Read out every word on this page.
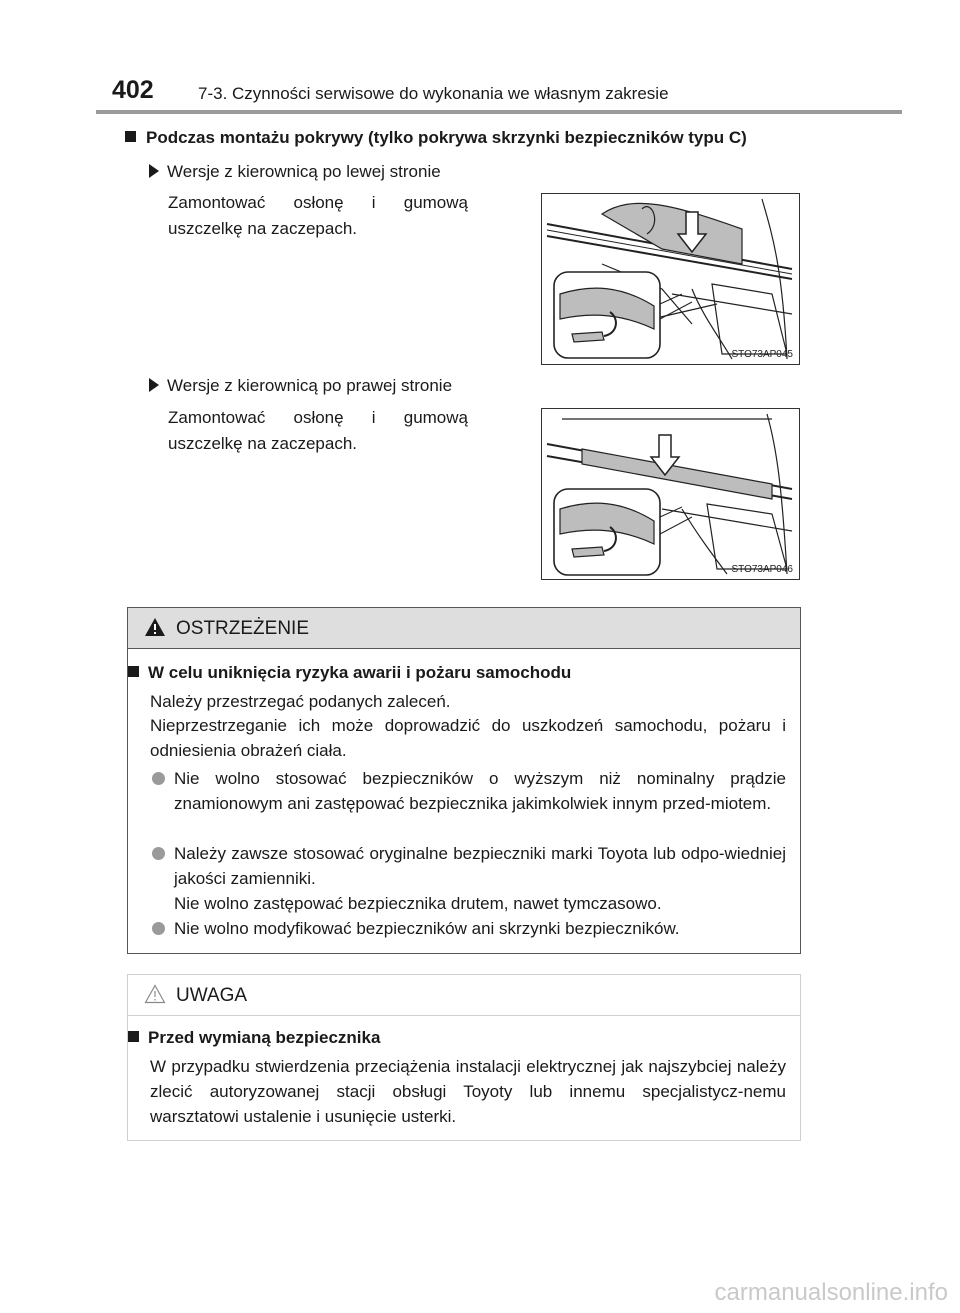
402	7-3. Czynności serwisowe do wykonania we własnym zakresie
Podczas montażu pokrywy (tylko pokrywa skrzynki bezpieczników typu C)
Wersje z kierownicą po lewej stronie
Zamontować osłonę i gumową uszczelkę na zaczepach.
STO73AP045
Wersje z kierownicą po prawej stronie
Zamontować osłonę i gumową uszczelkę na zaczepach.
STO73AP046
OSTRZEŻENIE
W celu uniknięcia ryzyka awarii i pożaru samochodu
Należy przestrzegać podanych zaleceń.
Nieprzestrzeganie ich może doprowadzić do uszkodzeń samochodu, pożaru i odniesienia obrażeń ciała.
Nie wolno stosować bezpieczników o wyższym niż nominalny prądzie znamionowym ani zastępować bezpiecznika jakimkolwiek innym przed-miotem.
Należy zawsze stosować oryginalne bezpieczniki marki Toyota lub odpo-wiedniej jakości zamienniki.
Nie wolno zastępować bezpiecznika drutem, nawet tymczasowo.
Nie wolno modyfikować bezpieczników ani skrzynki bezpieczników.
UWAGA
Przed wymianą bezpiecznika
W przypadku stwierdzenia przeciążenia instalacji elektrycznej jak najszybciej należy zlecić autoryzowanej stacji obsługi Toyoty lub innemu specjalistycz-nemu warsztatowi ustalenie i usunięcie usterki.
carmanualsonline.info
